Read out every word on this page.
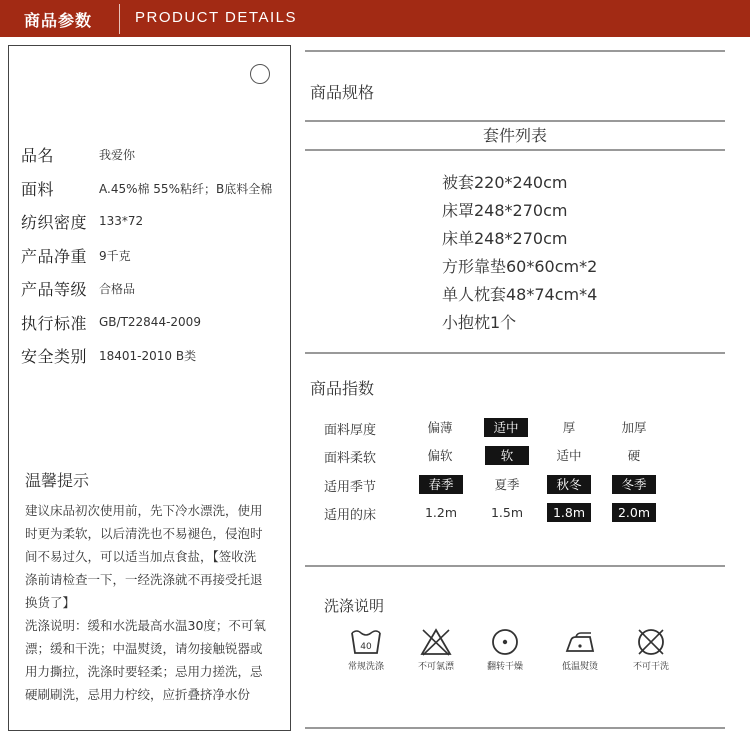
商品参数	PRODUCT DETAILS
品名	我爱你
面料	A.45%棉 55%粘纤；B底料全棉
纺织密度 133*72
产品净重 9千克
产品等级 合格品
执行标准 GB/T22844-2009
安全类别 18401-2010 B类
温馨提示
建议床品初次使用前，先下冷水漂洗，使用
时更为柔软，以后清洗也不易褪色，侵泡时
间不易过久，可以适当加点食盐，【签收洗
涤前请检查一下，一经洗涤就不再接受托退
换货了】
洗涤说明：缓和水洗最高水温30度；不可氧
漂；缓和干洗；中温熨烫，请勿接触锐器或
用力撕拉，洗涤时要轻柔；忌用力搓洗，忌
硬刷刷洗，忌用力柠绞，应折叠挤净水份
商品规格
套件列表
被套220*240cm
床罩248*270cm
床单248*270cm
方形靠垫60*60cm*2
单人枕套48*74cm*4
小抱枕1个
商品指数
面料厚度	偏薄	适中	厚	加厚
面料柔软	偏软	软	适中	硬
适用季节	春季	夏季	秋冬	冬季
适用的床	1.2m	1.5m	1.8m	2.0m
洗涤说明
40
常规洗涤	不可氯漂	翻转干燥	低温熨烫	不可干洗
